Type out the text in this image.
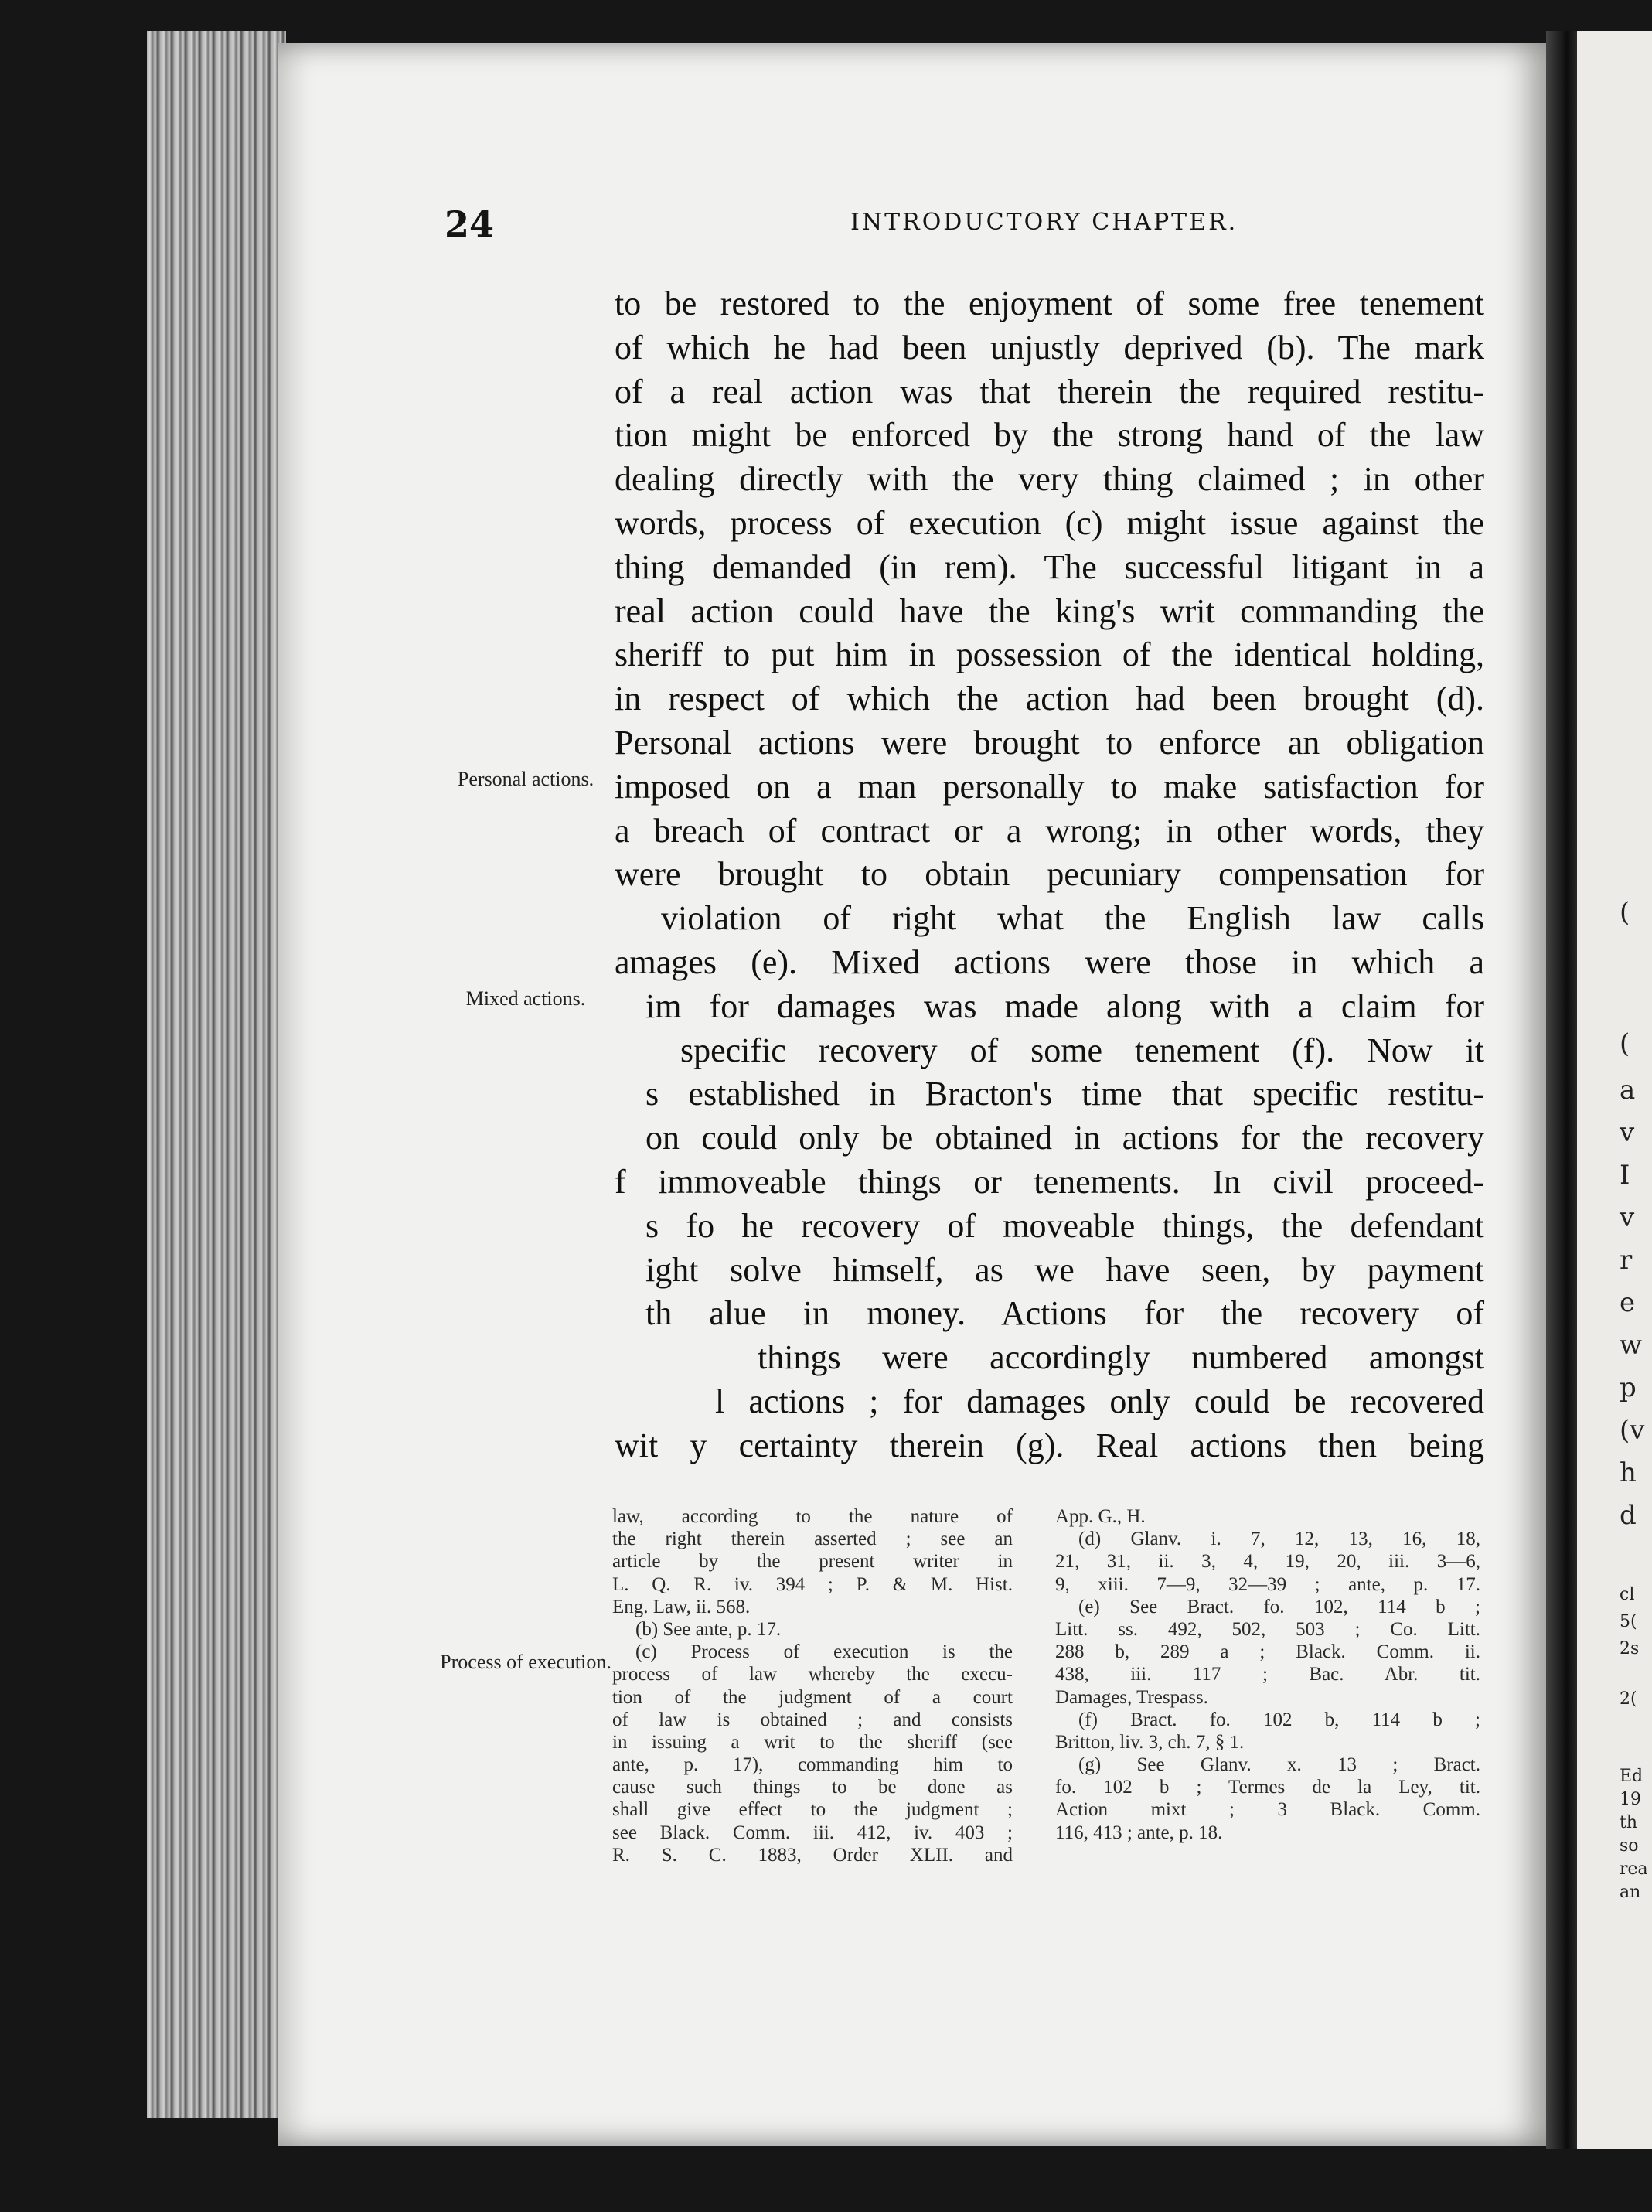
24	INTRODUCTORY CHAPTER.
Personal actions.
Mixed actions.
Process of execution.
to be restored to the enjoyment of some free tenement
of which he had been unjustly deprived (b). The mark
of a real action was that therein the required restitu-
tion might be enforced by the strong hand of the law
dealing directly with the very thing claimed ; in other
words, process of execution (c) might issue against the
thing demanded (in rem). The successful litigant in a
real action could have the king's writ commanding the
sheriff to put him in possession of the identical holding,
in respect of which the action had been brought (d).
Personal actions were brought to enforce an obligation
imposed on a man personally to make satisfaction for
a breach of contract or a wrong; in other words, they
were brought to obtain pecuniary compensation for
violation of right what the English law calls
amages (e). Mixed actions were those in which a
im for damages was made along with a claim for
specific recovery of some tenement (f). Now it
s established in Bracton's time that specific restitu-
on could only be obtained in actions for the recovery
f immoveable things or tenements. In civil proceed-
s fo he recovery of moveable things, the defendant
ight solve himself, as we have seen, by payment
th alue in money. Actions for the recovery of
things were accordingly numbered amongst
l actions ; for damages only could be recovered
wit y certainty therein (g). Real actions then being
law, according to the nature of
the right therein asserted ; see an
article by the present writer in
L. Q. R. iv. 394 ; P. & M. Hist.
Eng. Law, ii. 568.
(b) See ante, p. 17.
(c) Process of execution is the
process of law whereby the execu-
tion of the judgment of a court
of law is obtained ; and consists
in issuing a writ to the sheriff (see
ante, p. 17), commanding him to
cause such things to be done as
shall give effect to the judgment ;
see Black. Comm. iii. 412, iv. 403 ;
R. S. C. 1883, Order XLII. and
App. G., H.
(d) Glanv. i. 7, 12, 13, 16, 18,
21, 31, ii. 3, 4, 19, 20, iii. 3—6,
9, xiii. 7—9, 32—39 ; ante, p. 17.
(e) See Bract. fo. 102, 114 b ;
Litt. ss. 492, 502, 503 ; Co. Litt.
288 b, 289 a ; Black. Comm. ii.
438, iii. 117 ; Bac. Abr. tit.
Damages, Trespass.
(f) Bract. fo. 102 b, 114 b ;
Britton, liv. 3, ch. 7, § 1.
(g) See Glanv. x. 13 ; Bract.
fo. 102 b ; Termes de la Ley, tit.
Action mixt ; 3 Black. Comm.
116, 413 ; ante, p. 18.
(
(
a
v
I
v
r
e
w
p
(v
h
d
cl
5(
2s
2(
Ed
19
th
so
rea
an
